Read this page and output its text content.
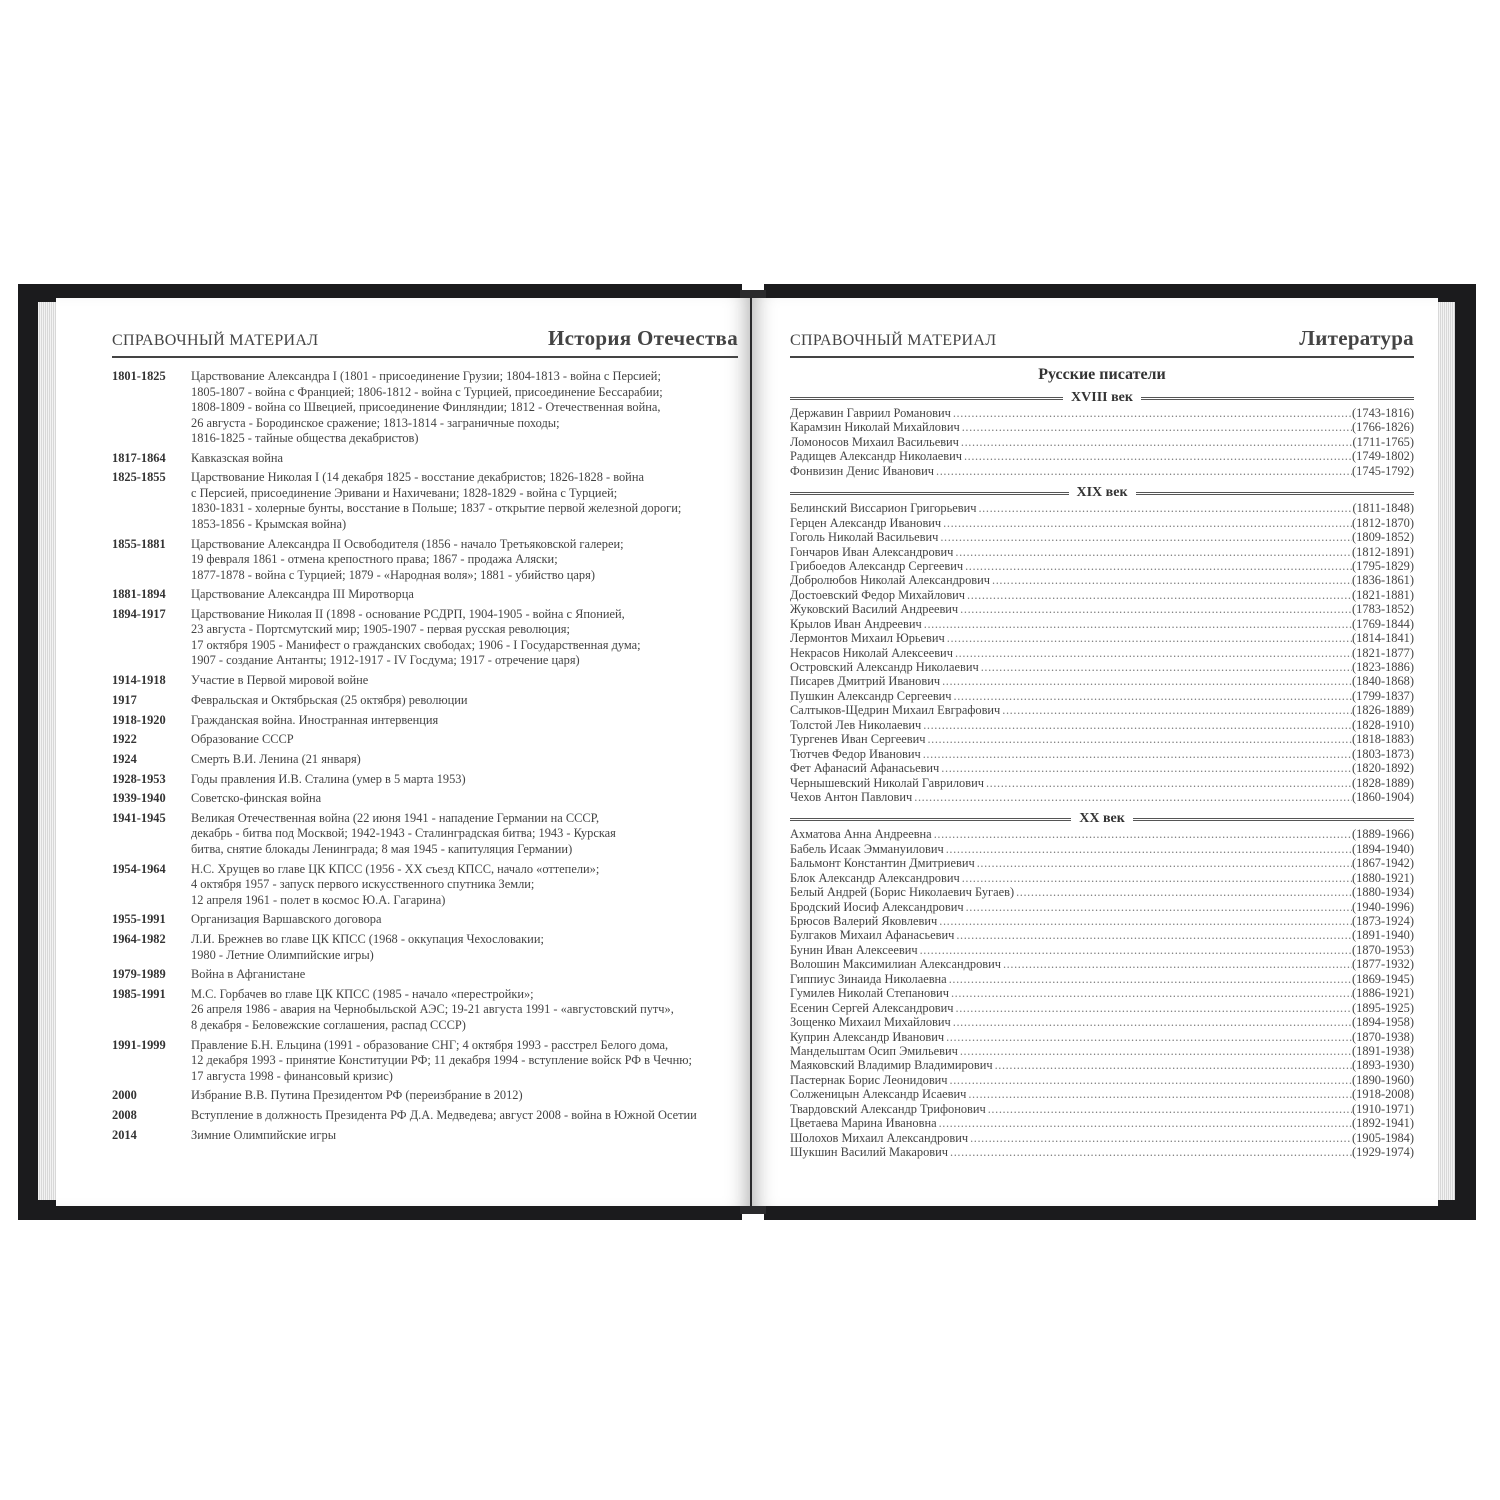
СПРАВОЧНЫЙ МАТЕРИАЛ	История Отечества	СПРАВОЧНЫЙ МАТЕРИАЛ	Литература
1801-1825	Царствование Александра I (1801 - присоединение Грузии; 1804-1813 - война с Персией;
1805-1807 - война с Францией; 1806-1812 - война с Турцией, присоединение Бессарабии;
1808-1809 - война со Швецией, присоединение Финляндии; 1812 - Отечественная война,
26 августа - Бородинское сражение; 1813-1814 - заграничные походы;
1816-1825 - тайные общества декабристов)
1817-1864	Кавказская война
1825-1855	Царствование Николая I (14 декабря 1825 - восстание декабристов; 1826-1828 - война
с Персией, присоединение Эривани и Нахичевани; 1828-1829 - война с Турцией;
1830-1831 - холерные бунты, восстание в Польше; 1837 - открытие первой железной дороги;
1853-1856 - Крымская война)
1855-1881	Царствование Александра II Освободителя (1856 - начало Третьяковской галереи;
19 февраля 1861 - отмена крепостного права; 1867 - продажа Аляски;
1877-1878 - война с Турцией; 1879 - «Народная воля»; 1881 - убийство царя)
1881-1894	Царствование Александра III Миротворца
1894-1917	Царствование Николая II (1898 - основание РСДРП, 1904-1905 - война с Японией,
23 августа - Портсмутский мир; 1905-1907 - первая русская революция;
17 октября 1905 - Манифест о гражданских свободах; 1906 - I Государственная дума;
1907 - создание Антанты; 1912-1917 - IV Госдума; 1917 - отречение царя)
1914-1918	Участие в Первой мировой войне
1917	Февральская и Октябрьская (25 октября) революции
1918-1920	Гражданская война. Иностранная интервенция
1922	Образование СССР
1924	Смерть В.И. Ленина (21 января)
1928-1953	Годы правления И.В. Сталина (умер в 5 марта 1953)
1939-1940	Советско-финская война
1941-1945	Великая Отечественная война (22 июня 1941 - нападение Германии на СССР,
декабрь - битва под Москвой; 1942-1943 - Сталинградская битва; 1943 - Курская
битва, снятие блокады Ленинграда; 8 мая 1945 - капитуляция Германии)
1954-1964	Н.С. Хрущев во главе ЦК КПСС (1956 - XX съезд КПСС, начало «оттепели»;
4 октября 1957 - запуск первого искусственного спутника Земли;
12 апреля 1961 - полет в космос Ю.А. Гагарина)
1955-1991	Организация Варшавского договора
1964-1982	Л.И. Брежнев во главе ЦК КПСС (1968 - оккупация Чехословакии;
1980 - Летние Олимпийские игры)
1979-1989	Война в Афганистане
1985-1991	М.С. Горбачев во главе ЦК КПСС (1985 - начало «перестройки»;
26 апреля 1986 - авария на Чернобыльской АЭС; 19-21 августа 1991 - «августовский путч»,
8 декабря - Беловежские соглашения, распад СССР)
1991-1999	Правление Б.Н. Ельцина (1991 - образование СНГ; 4 октября 1993 - расстрел Белого дома,
12 декабря 1993 - принятие Конституции РФ; 11 декабря 1994 - вступление войск РФ в Чечню;
17 августа 1998 - финансовый кризис)
2000	Избрание В.В. Путина Президентом РФ (переизбрание в 2012)
2008	Вступление в должность Президента РФ Д.А. Медведева; август 2008 - война в Южной Осетии
2014	Зимние Олимпийские игры
Русские писатели
XVIII век
Державин Гавриил Романович .....	(1743-1816)
Карамзин Николай Михайлович .....	(1766-1826)
Ломоносов Михаил Васильевич .....	(1711-1765)
Радищев Александр Николаевич .....	(1749-1802)
Фонвизин Денис Иванович .....	(1745-1792)
XIX век
Белинский Виссарион Григорьевич .....	(1811-1848)
Герцен Александр Иванович .....	(1812-1870)
Гоголь Николай Васильевич .....	(1809-1852)
Гончаров Иван Александрович .....	(1812-1891)
Грибоедов Александр Сергеевич .....	(1795-1829)
Добролюбов Николай Александрович .....	(1836-1861)
Достоевский Федор Михайлович .....	(1821-1881)
Жуковский Василий Андреевич .....	(1783-1852)
Крылов Иван Андреевич .....	(1769-1844)
Лермонтов Михаил Юрьевич .....	(1814-1841)
Некрасов Николай Алексеевич .....	(1821-1877)
Островский Александр Николаевич .....	(1823-1886)
Писарев Дмитрий Иванович .....	(1840-1868)
Пушкин Александр Сергеевич .....	(1799-1837)
Салтыков-Щедрин Михаил Евграфович .....	(1826-1889)
Толстой Лев Николаевич .....	(1828-1910)
Тургенев Иван Сергеевич .....	(1818-1883)
Тютчев Федор Иванович .....	(1803-1873)
Фет Афанасий Афанасьевич .....	(1820-1892)
Чернышевский Николай Гаврилович .....	(1828-1889)
Чехов Антон Павлович .....	(1860-1904)
XX век
Ахматова Анна Андреевна .....	(1889-1966)
Бабель Исаак Эммануилович .....	(1894-1940)
Бальмонт Константин Дмитриевич .....	(1867-1942)
Блок Александр Александрович .....	(1880-1921)
Белый Андрей (Борис Николаевич Бугаев) .....	(1880-1934)
Бродский Иосиф Александрович .....	(1940-1996)
Брюсов Валерий Яковлевич .....	(1873-1924)
Булгаков Михаил Афанасьевич .....	(1891-1940)
Бунин Иван Алексеевич .....	(1870-1953)
Волошин Максимилиан Александрович .....	(1877-1932)
Гиппиус Зинаида Николаевна .....	(1869-1945)
Гумилев Николай Степанович .....	(1886-1921)
Есенин Сергей Александрович .....	(1895-1925)
Зощенко Михаил Михайлович .....	(1894-1958)
Куприн Александр Иванович .....	(1870-1938)
Мандельштам Осип Эмильевич .....	(1891-1938)
Маяковский Владимир Владимирович .....	(1893-1930)
Пастернак Борис Леонидович .....	(1890-1960)
Солженицын Александр Исаевич .....	(1918-2008)
Твардовский Александр Трифонович .....	(1910-1971)
Цветаева Марина Ивановна .....	(1892-1941)
Шолохов Михаил Александрович .....	(1905-1984)
Шукшин Василий Макарович .....	(1929-1974)
